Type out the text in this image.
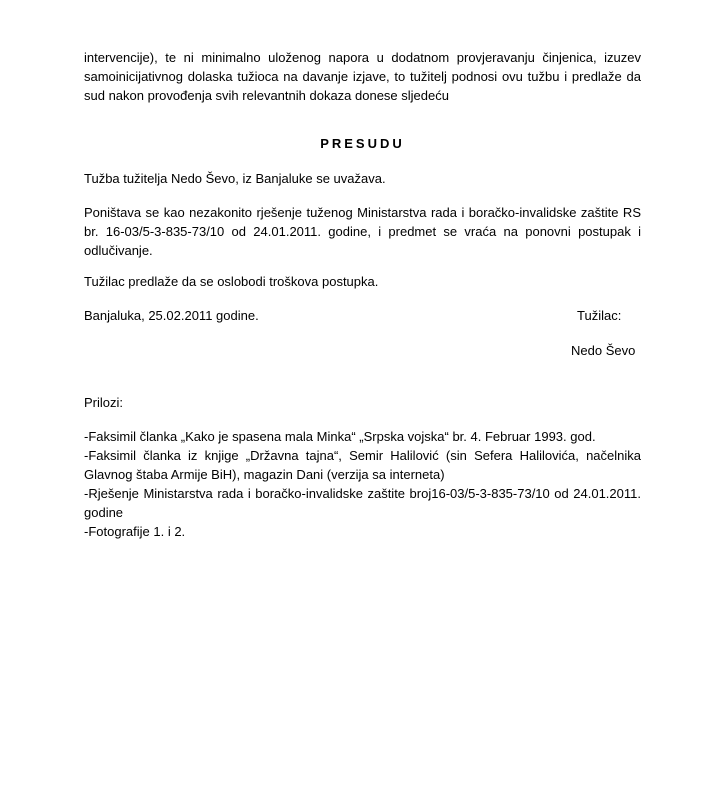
intervencije), te ni minimalno uloženog napora u dodatnom provjeravanju činjenica, izuzev

samoinicijativnog dolaska tužioca na davanje izjave, to tužitelj podnosi ovu tužbu i predlaže da

sud nakon provođenja svih relevantnih dokaza donese sljedeću

PRESUDU

Tužba tužitelja Nedo Ševo, iz Banjaluke se uvažava.

Poništava se kao nezakonito rješenje tuženog Ministarstva rada i boračko-invalidske zaštite RS

br. 16-03/5-3-835-73/10 od 24.01.2011. godine, i predmet se vraća na ponovni postupak i

odlučivanje.

Tužilac predlaže da se oslobodi troškova postupka.

Banjaluka, 25.02.2011 godine.	Tužilac:
Nedo Ševo

Prilozi:

-Faksimil članka „Kako je spasena mala Minka“ „Srpska vojska“ br. 4. Februar 1993. god.

-Faksimil članka iz knjige „Državna tajna“, Semir Halilović (sin Sefera Halilovića, načelnika

Glavnog štaba Armije BiH), magazin Dani (verzija sa interneta)

-Rješenje Ministarstva rada i boračko-invalidske zaštite broj16-03/5-3-835-73/10 od 24.01.2011.

godine

-Fotografije 1. i 2.
